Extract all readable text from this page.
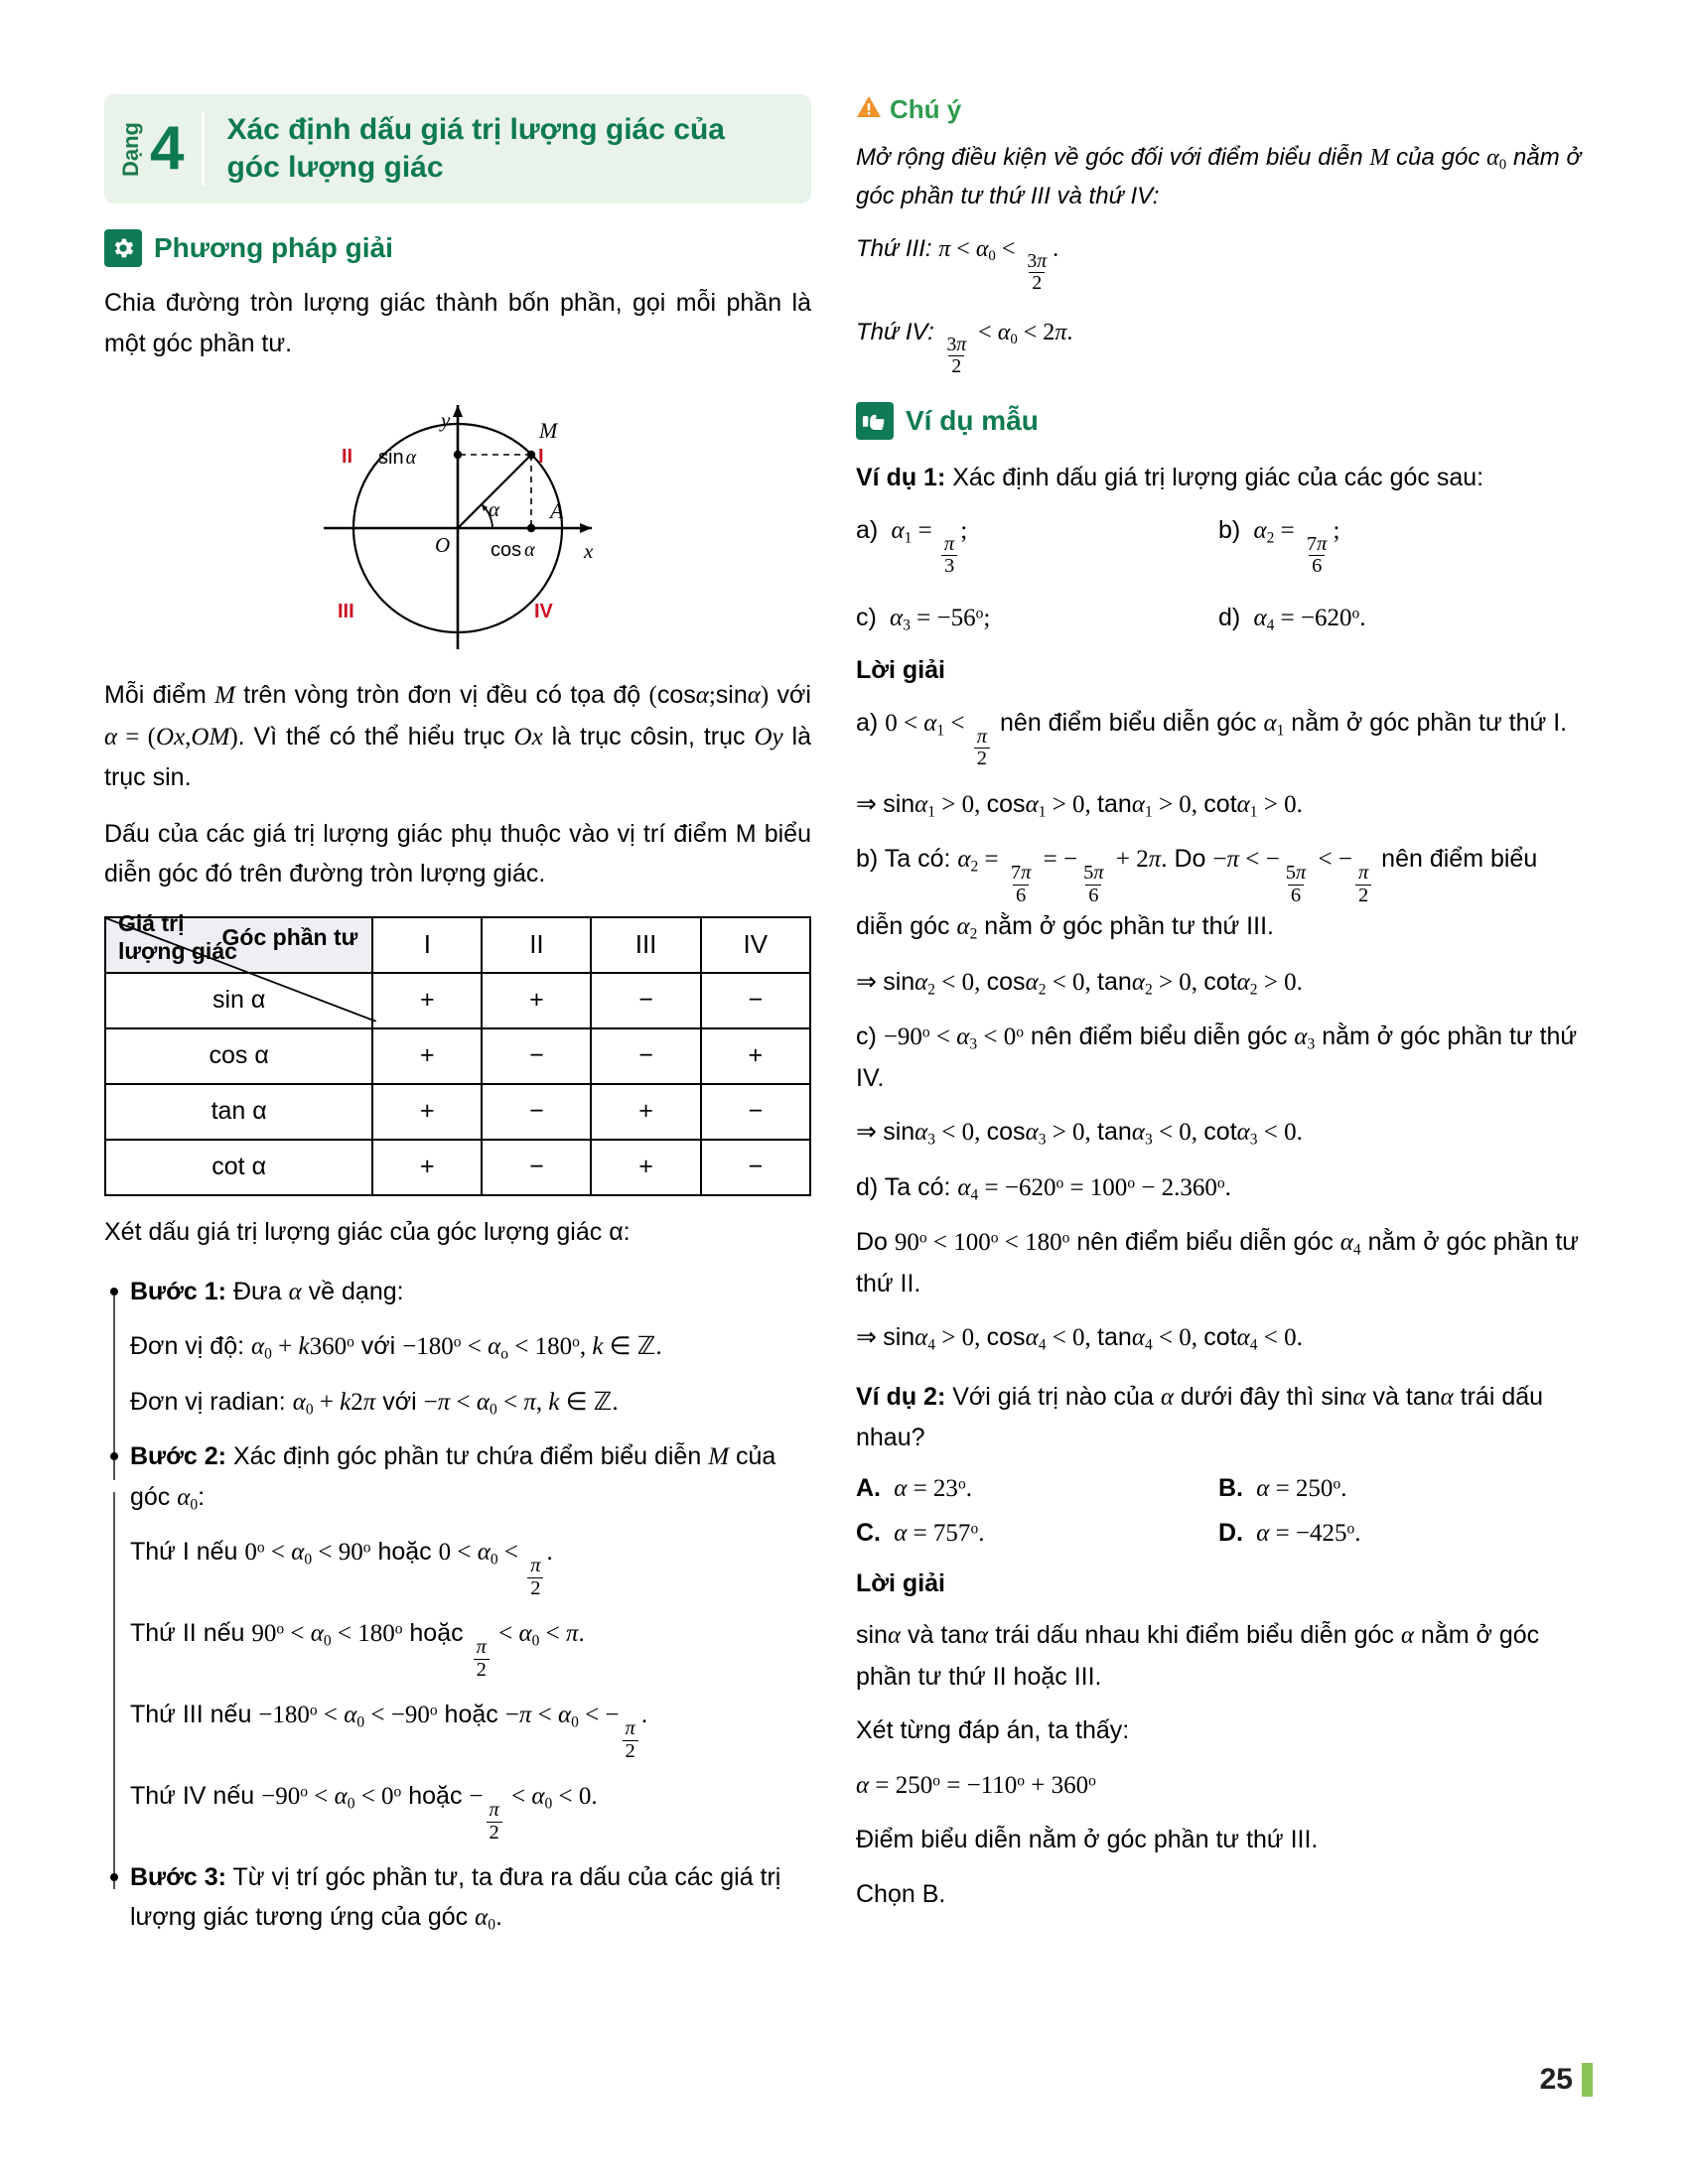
Dạng 4 Xác định dấu giá trị lượng giác của
góc lượng giác
Phương pháp giải

Chia đường tròn lượng giác thành bốn phần, gọi mỗi phần là một góc phần tư.

y
x
M
A
O
α
sin α
cos α
I
II
III	IV

Mỗi điểm M trên vòng tròn đơn vị đều có tọa độ (cosα;sinα) với α = (Ox,OM). Vì thế có thể hiểu trục Ox là trục côsin, trục Oy là trục sin.

Dấu của các giá trị lượng giác phụ thuộc vào vị trí điểm M biểu diễn góc đó trên đường tròn lượng giác.

Góc phần tư
Giá trị
lượng giác	I	II	III	IV
sin α	+	+	−	−
cos α	+	−	−	+
tan α	+	−	+	−
cot α	+	−	+	−

Xét dấu giá trị lượng giác của góc lượng giác α:

Bước 1: Đưa α về dạng:
Đơn vị độ: $\alpha_0 + k360^o$ với $-180^o < \alpha_o < 180^o$, k ∈ ℤ.
Đơn vị radian: $\alpha_0 + k2\pi$ với $-\pi < \alpha_0 < \pi$, k ∈ ℤ.
Bước 2: Xác định góc phần tư chứa điểm biểu diễn M của góc $\alpha_0$:
Thứ I nếu $0^o < \alpha_0 < 90^o$ hoặc $0 < \alpha_0$ <
$\frac{\pi}{2}$
.
Thứ II nếu $90^o < \alpha_0 < 180^o$ hoặc
$\frac{\pi}{2}$
< $\alpha_0 < \pi$.
Thứ III nếu $-180^o < \alpha_0 < -90^o$ hoặc $-\pi < \alpha_0$ < −
$\frac{\pi}{2}$
.
Thứ IV nếu $-90^o < \alpha_0 < 0^o$ hoặc −
$\frac{\pi}{2}$
< $\alpha_0 < 0$.
Bước 3: Từ vị trí góc phần tư, ta đưa ra dấu của các giá trị lượng giác tương ứng của góc $\alpha_0$.
Chú ý

Mở rộng điều kiện về góc đối với điểm biểu diễn M của góc $\alpha_0$ nằm ở góc phần tư thứ III và thứ IV:

Thứ III: $\pi < \alpha_0$ <
$\frac{3\pi}{2}$
.

Thứ IV:
$\frac{3\pi}{2}$
< $\alpha_0 < 2\pi$.

Ví dụ mẫu

Ví dụ 1: Xác định dấu giá trị lượng giác của các góc sau:

a) $\alpha_1$ =
$\frac{\pi}{3}$
;	b) $\alpha_2$ =
$\frac{7\pi}{6}$
;
c) $\alpha_3 = -56^o$;	d) $\alpha_4 = -620^o$.

Lời giải

a) $0 < \alpha_1$ <
$\frac{\pi}{2}$
nên điểm biểu diễn góc $\alpha_1$ nằm ở góc phần tư thứ I.

⇒ sinα$_1$ > 0, cosα$_1$ > 0, tanα$_1$ > 0, cotα$_1$ > 0.

b) Ta có: $\alpha_2$ =
$\frac{7\pi}{6}$
= −
$\frac{5\pi}{6}$
+ 2π. Do −π < −
$\frac{5\pi}{6}$
< −
$\frac{\pi}{2}$
nên điểm biểu diễn góc $\alpha_2$ nằm ở góc phần tư thứ III.

⇒ sinα$_2$ < 0, cosα$_2$ < 0, tanα$_2$ > 0, cotα$_2$ > 0.

$c) -90^o < \alpha_3 < 0^o$ nên điểm biểu diễn góc $\alpha_3$ nằm ở góc phần tư thứ IV.

⇒ sinα$_3$ < 0, cosα$_3$ > 0, tanα$_3$ < 0, cotα$_3$ < 0.

d) Ta có: $\alpha_4 = -620^o = 100^o - 2.360^o$.

Do $90^o < 100^o < 180^o$ nên điểm biểu diễn góc $\alpha_4$ nằm ở góc phần tư thứ II.

⇒ sinα$_4$ > 0, cosα$_4$ < 0, tanα$_4$ < 0, cotα$_4$ < 0.

Ví dụ 2: Với giá trị nào của α dưới đây thì sinα và tanα trái dấu nhau?

A. $\alpha = 23^o$.	B. $\alpha = 250^o$.
C. $\alpha = 757^o$.	D. $\alpha = -425^o$.

Lời giải

sinα và tanα trái dấu nhau khi điểm biểu diễn góc α nằm ở góc phần tư thứ II hoặc III.

Xét từng đáp án, ta thấy:

$\alpha = 250^o = -110^o + 360^o$

Điểm biểu diễn nằm ở góc phần tư thứ III.

Chọn B.

25
